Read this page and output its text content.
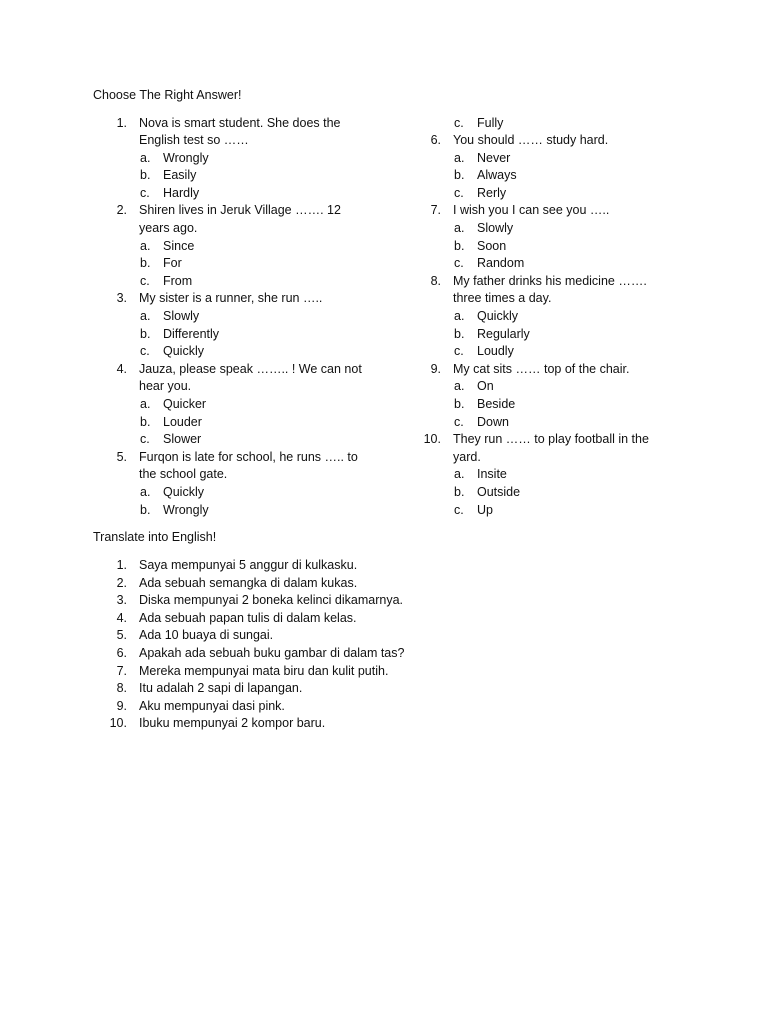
Choose The Right Answer!
1. Nova is smart student. She does the English test so ……
a. Wrongly
b. Easily
c. Hardly
2. Shiren lives in Jeruk Village ……. 12 years ago.
a. Since
b. For
c. From
3. My sister is a runner, she run …..
a. Slowly
b. Differently
c. Quickly
4. Jauza, please speak …….. ! We can not hear you.
a. Quicker
b. Louder
c. Slower
5. Furqon is late for school, he runs ….. to the school gate.
a. Quickly
b. Wrongly
c. Fully
6. You should …… study hard.
a. Never
b. Always
c. Rerly
7. I wish you I can see you …..
a. Slowly
b. Soon
c. Random
8. My father drinks his medicine ……. three times a day.
a. Quickly
b. Regularly
c. Loudly
9. My cat sits …… top of the chair.
a. On
b. Beside
c. Down
10. They run …… to play football in the yard.
a. Insite
b. Outside
c. Up
Translate into English!
1. Saya mempunyai 5 anggur di kulkasku.
2. Ada sebuah semangka di dalam kukas.
3. Diska mempunyai 2 boneka kelinci dikamarnya.
4. Ada sebuah papan tulis di dalam kelas.
5. Ada 10 buaya di sungai.
6. Apakah ada sebuah buku gambar di dalam tas?
7. Mereka mempunyai mata biru dan kulit putih.
8. Itu adalah 2 sapi di lapangan.
9. Aku mempunyai dasi pink.
10. Ibuku mempunyai 2 kompor baru.
